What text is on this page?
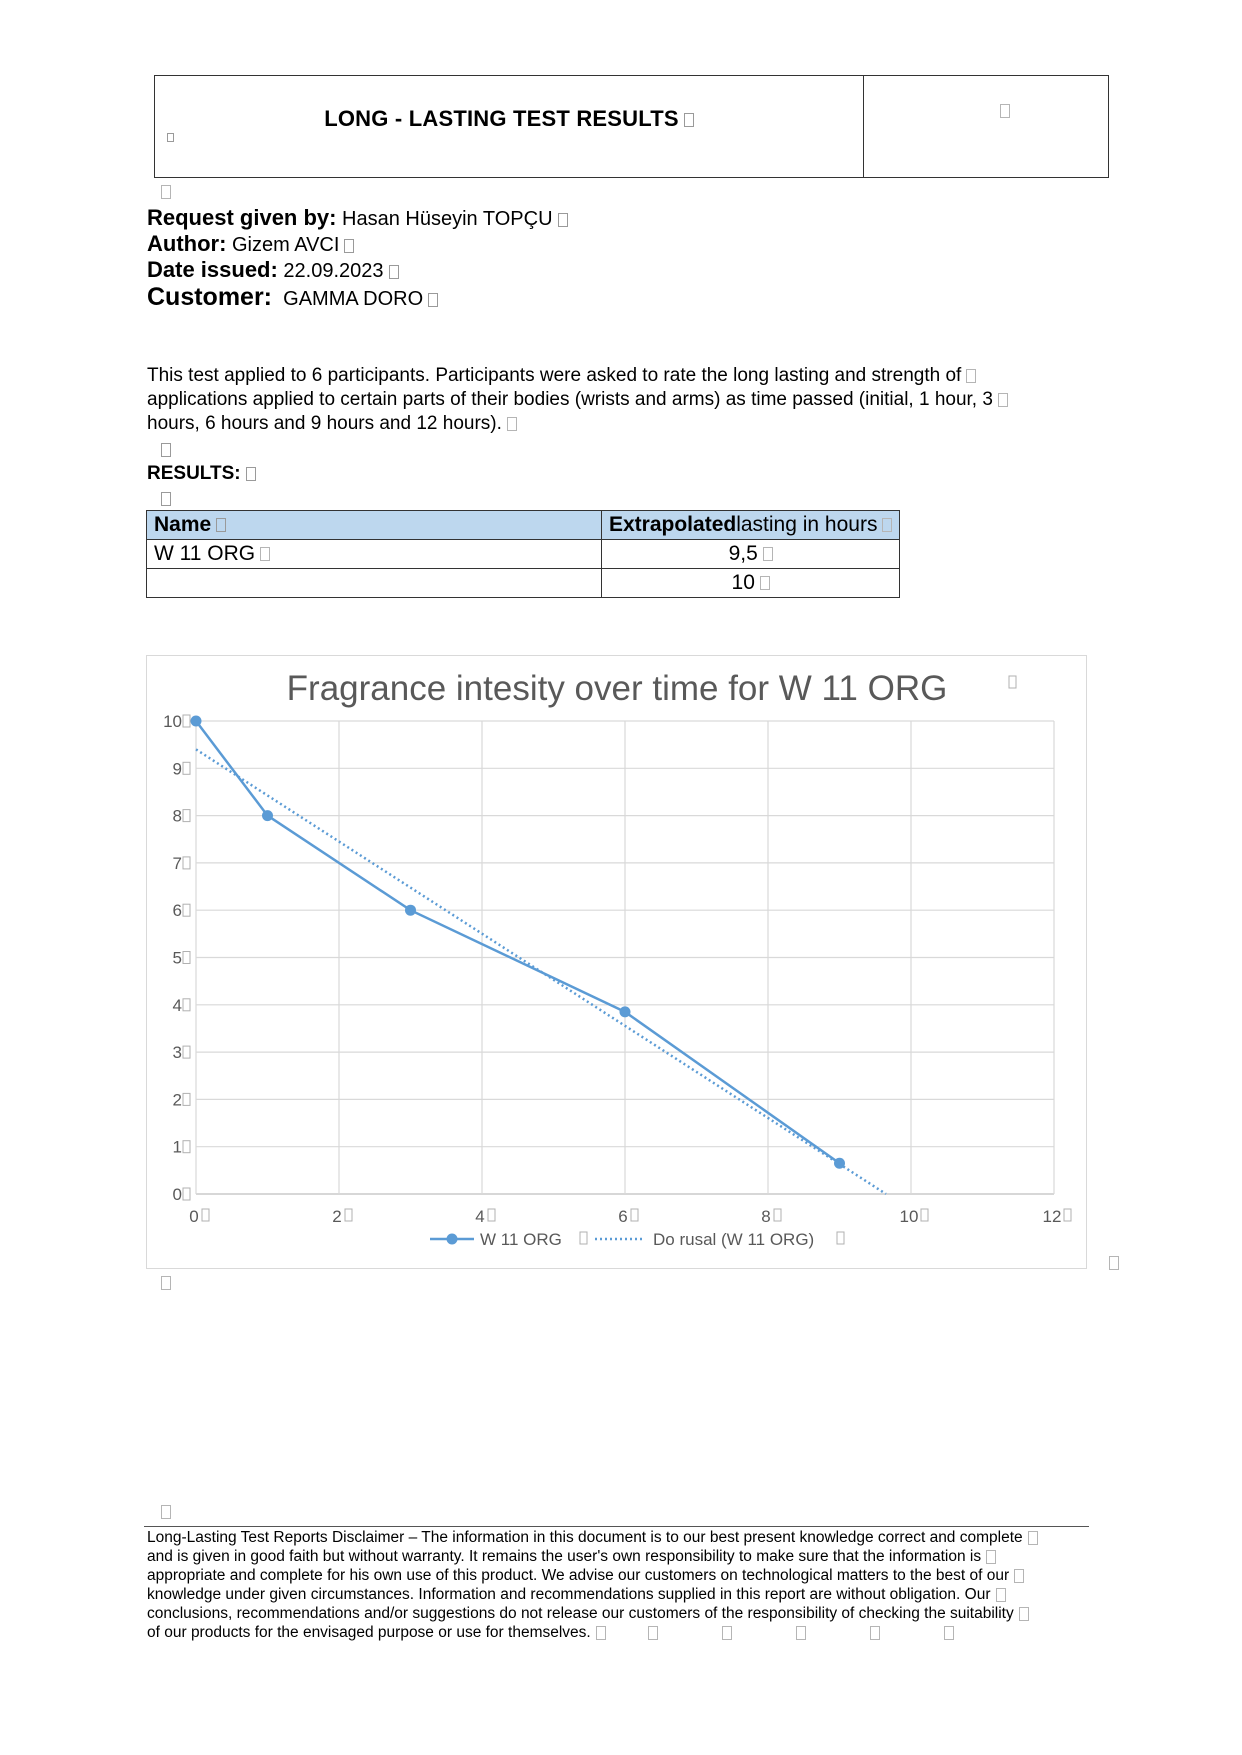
LONG - LASTING TEST RESULTS
Request given by: Hasan Hüseyin TOPÇU
Author: Gizem AVCI
Date issued: 22.09.2023
Customer: GAMMA DORO
This test applied to 6 participants. Participants were asked to rate the long lasting and strength of
applications applied to certain parts of their bodies (wrists and arms) as time passed (initial, 1 hour, 3
hours, 6 hours and 9 hours and 12 hours).
RESULTS:
Name	Extrapolatedlasting in hours
W 11 ORG	9,5
	10
Fragrance intesity over time for W 11 ORG
0
1
2
3
4
5
6
7
8
9
10
0	2	4	6	8	10	12
W 11 ORG	Do rusal (W 11 ORG)
Long-Lasting Test Reports Disclaimer – The information in this document is to our best present knowledge correct and complete
and is given in good faith but without warranty. It remains the user's own responsibility to make sure that the information is
appropriate and complete for his own use of this product. We advise our customers on technological matters to the best of our
knowledge under given circumstances. Information and recommendations supplied in this report are without obligation. Our
conclusions, recommendations and/or suggestions do not release our customers of the responsibility of checking the suitability
of our products for the envisaged purpose or use for themselves.
